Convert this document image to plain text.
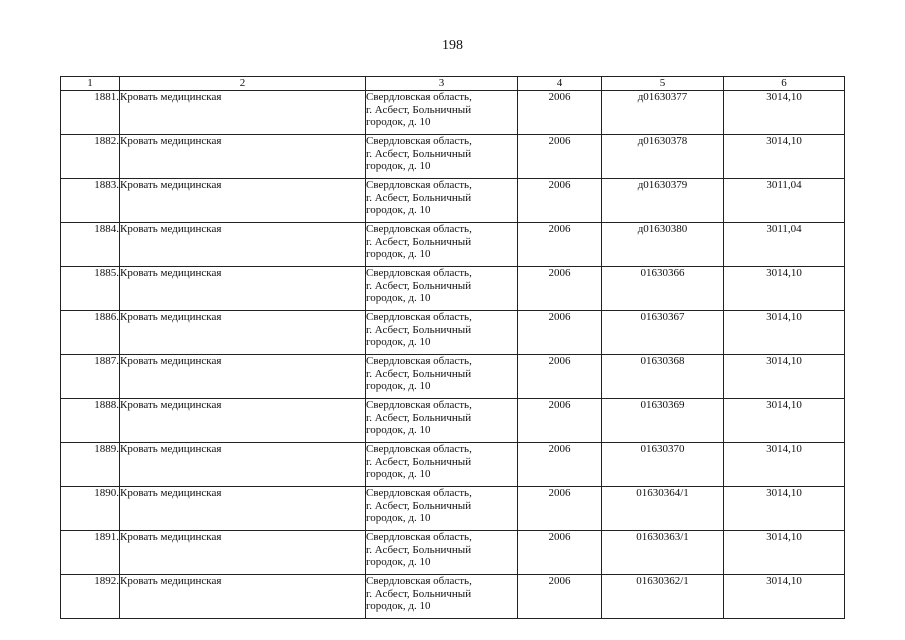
198
1	2	3	4	5	6
1881.	Кровать медицинская	Свердловская область,
г. Асбест, Больничный
городок, д. 10	2006	д01630377	3014,10
1882.	Кровать медицинская	Свердловская область,
г. Асбест, Больничный
городок, д. 10	2006	д01630378	3014,10
1883.	Кровать медицинская	Свердловская область,
г. Асбест, Больничный
городок, д. 10	2006	д01630379	3011,04
1884.	Кровать медицинская	Свердловская область,
г. Асбест, Больничный
городок, д. 10	2006	д01630380	3011,04
1885.	Кровать медицинская	Свердловская область,
г. Асбест, Больничный
городок, д. 10	2006	01630366	3014,10
1886.	Кровать медицинская	Свердловская область,
г. Асбест, Больничный
городок, д. 10	2006	01630367	3014,10
1887.	Кровать медицинская	Свердловская область,
г. Асбест, Больничный
городок, д. 10	2006	01630368	3014,10
1888.	Кровать медицинская	Свердловская область,
г. Асбест, Больничный
городок, д. 10	2006	01630369	3014,10
1889.	Кровать медицинская	Свердловская область,
г. Асбест, Больничный
городок, д. 10	2006	01630370	3014,10
1890.	Кровать медицинская	Свердловская область,
г. Асбест, Больничный
городок, д. 10	2006	01630364/1	3014,10
1891.	Кровать медицинская	Свердловская область,
г. Асбест, Больничный
городок, д. 10	2006	01630363/1	3014,10
1892.	Кровать медицинская	Свердловская область,
г. Асбест, Больничный
городок, д. 10	2006	01630362/1	3014,10
